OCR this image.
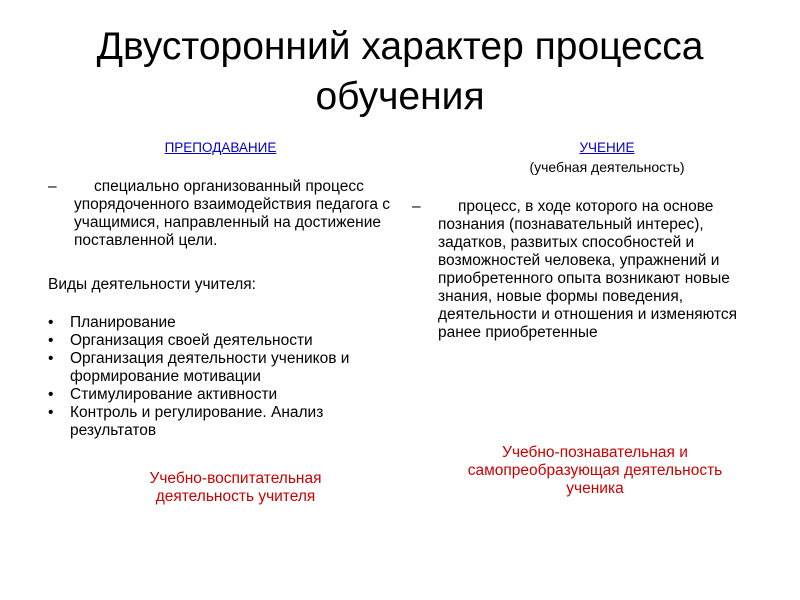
Двусторонний характер процесса
обучения
ПРЕПОДАВАНИЕ
–	специально организованный процесс упорядоченного взаимодействия педагога с учащимися, направленный на достижение поставленной цели.
Виды деятельности учителя:
• Планирование
• Организация своей деятельности
• Организация деятельности учеников и формирование мотивации
• Стимулирование активности
• Контроль и регулирование. Анализ результатов
Учебно-воспитательная деятельность учителя
УЧЕНИЕ
(учебная деятельность)
–	процесс, в ходе которого на основе познания (познавательный интерес), задатков, развитых способностей и возможностей человека, упражнений и приобретенного опыта возникают новые знания, новые формы поведения, деятельности и отношения и изменяются ранее приобретенные
Учебно-познавательная и самопреобразующая деятельность ученика
